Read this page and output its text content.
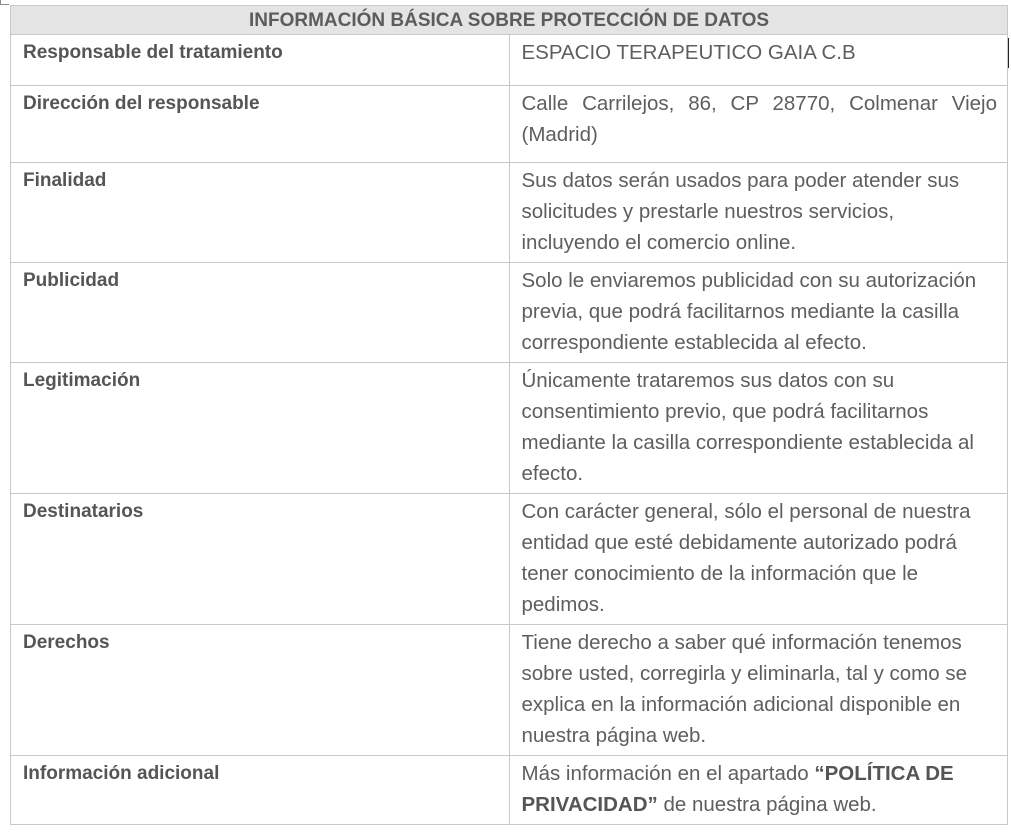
INFORMACIÓN BÁSICA SOBRE PROTECCIÓN DE DATOS	
Responsable del tratamiento	ESPACIO TERAPEUTICO GAIA C.B
Dirección del responsable	Calle Carrilejos, 86, CP 28770, Colmenar Viejo (Madrid)
Finalidad	Sus datos serán usados para poder atender sus solicitudes y prestarle nuestros servicios, incluyendo el comercio online.
Publicidad	Solo le enviaremos publicidad con su autorización previa, que podrá facilitarnos mediante la casilla correspondiente establecida al efecto.
Legitimación	Únicamente trataremos sus datos con su consentimiento previo, que podrá facilitarnos mediante la casilla correspondiente establecida al efecto.
Destinatarios	Con carácter general, sólo el personal de nuestra entidad que esté debidamente autorizado podrá tener conocimiento de la información que le pedimos.
Derechos	Tiene derecho a saber qué información tenemos sobre usted, corregirla y eliminarla, tal y como se explica en la información adicional disponible en nuestra página web.
Información adicional	Más información en el apartado “POLÍTICA DE PRIVACIDAD” de nuestra página web.
